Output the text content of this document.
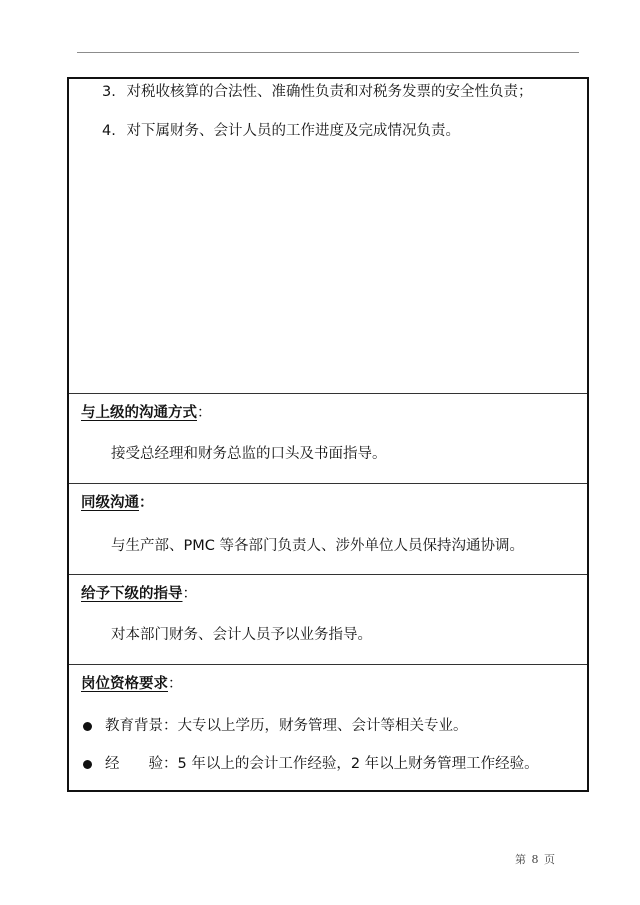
3. 对税收核算的合法性、准确性负责和对税务发票的安全性负责；
4. 对下属财务、会计人员的工作进度及完成情况负责。
与上级的沟通方式：
接受总经理和财务总监的口头及书面指导。
同级沟通：
与生产部、PMC 等各部门负责人、涉外单位人员保持沟通协调。
给予下级的指导：
对本部门财务、会计人员予以业务指导。
岗位资格要求：
教育背景：大专以上学历，财务管理、会计等相关专业。
经　　验：5 年以上的会计工作经验，2 年以上财务管理工作经验。
第 8 页
